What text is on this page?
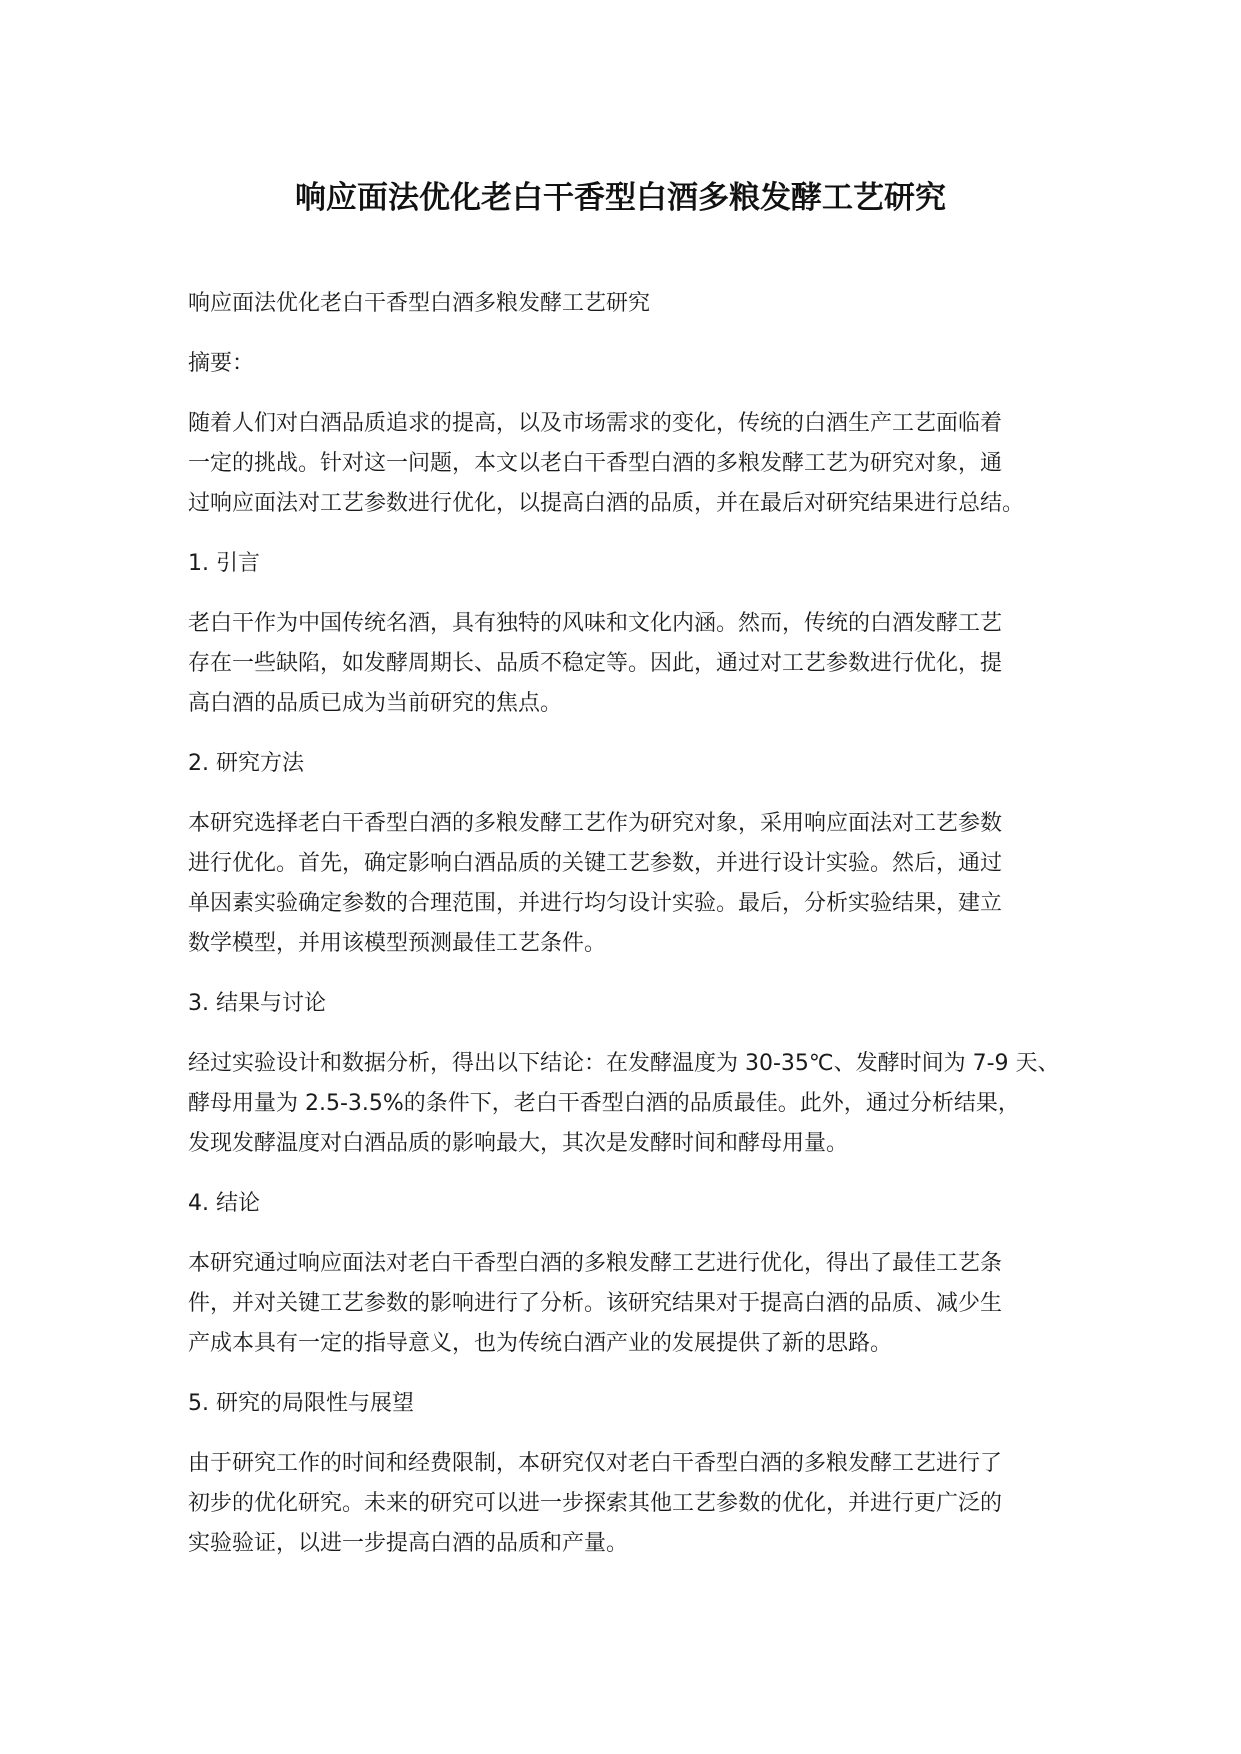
响应面法优化老白干香型白酒多粮发酵工艺研究

响应面法优化老白干香型白酒多粮发酵工艺研究

摘要：

随着人们对白酒品质追求的提高，以及市场需求的变化，传统的白酒生产工艺面临着

一定的挑战。针对这一问题，本文以老白干香型白酒的多粮发酵工艺为研究对象，通

过响应面法对工艺参数进行优化，以提高白酒的品质，并在最后对研究结果进行总结。

1. 引言

老白干作为中国传统名酒，具有独特的风味和文化内涵。然而，传统的白酒发酵工艺

存在一些缺陷，如发酵周期长、品质不稳定等。因此，通过对工艺参数进行优化，提

高白酒的品质已成为当前研究的焦点。

2. 研究方法

本研究选择老白干香型白酒的多粮发酵工艺作为研究对象，采用响应面法对工艺参数

进行优化。首先，确定影响白酒品质的关键工艺参数，并进行设计实验。然后，通过

单因素实验确定参数的合理范围，并进行均匀设计实验。最后，分析实验结果，建立

数学模型，并用该模型预测最佳工艺条件。

3. 结果与讨论

经过实验设计和数据分析，得出以下结论：在发酵温度为 30-35℃、发酵时间为 7-9 天、

酵母用量为 2.5-3.5%的条件下，老白干香型白酒的品质最佳。此外，通过分析结果，

发现发酵温度对白酒品质的影响最大，其次是发酵时间和酵母用量。

4. 结论

本研究通过响应面法对老白干香型白酒的多粮发酵工艺进行优化，得出了最佳工艺条

件，并对关键工艺参数的影响进行了分析。该研究结果对于提高白酒的品质、减少生

产成本具有一定的指导意义，也为传统白酒产业的发展提供了新的思路。

5. 研究的局限性与展望

由于研究工作的时间和经费限制，本研究仅对老白干香型白酒的多粮发酵工艺进行了

初步的优化研究。未来的研究可以进一步探索其他工艺参数的优化，并进行更广泛的

实验验证，以进一步提高白酒的品质和产量。
